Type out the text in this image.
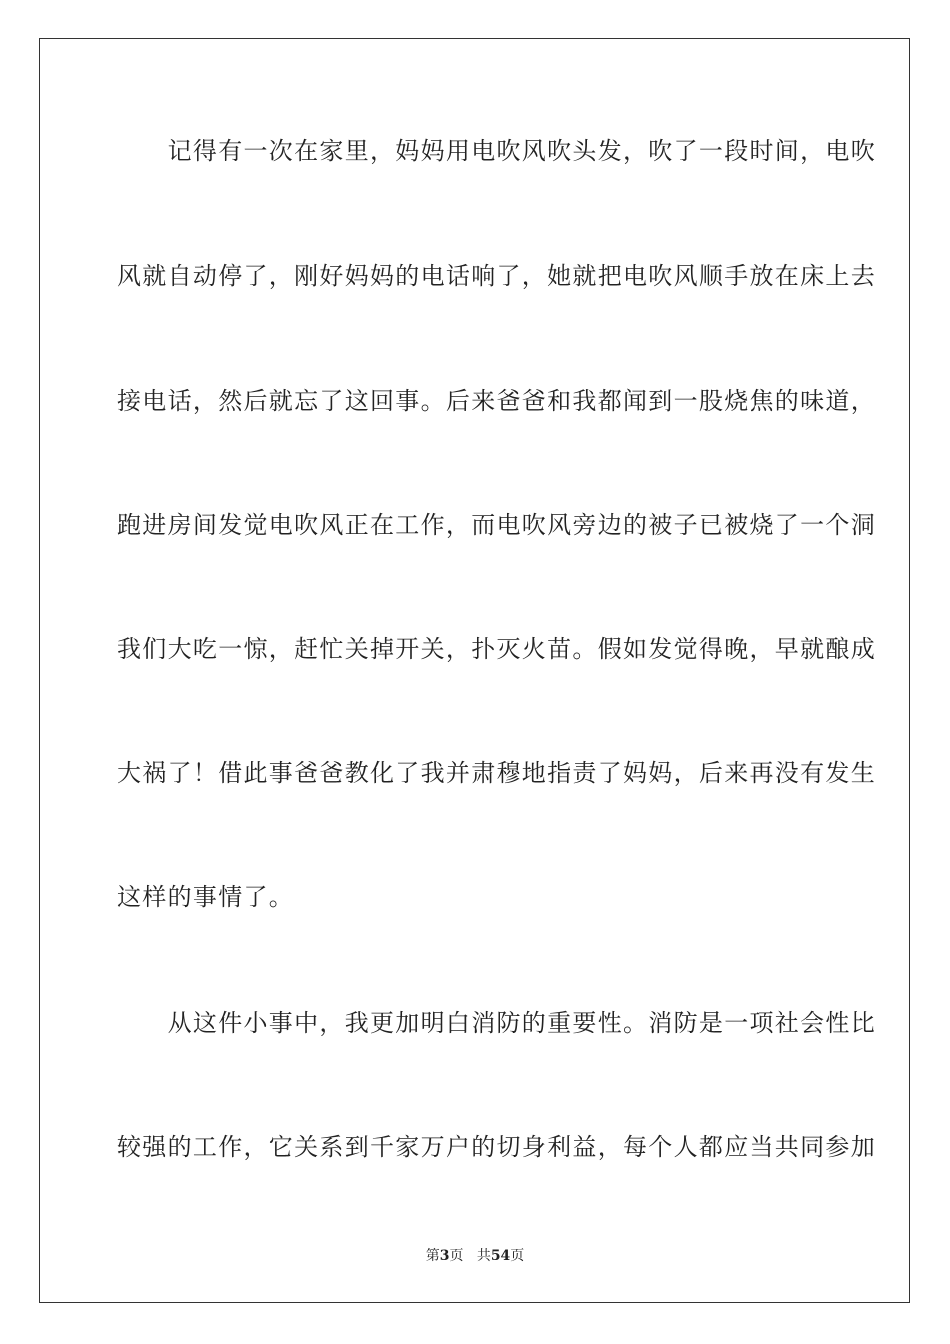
　　记得有一次在家里，妈妈用电吹风吹头发，吹了一段时间，电吹
风就自动停了，刚好妈妈的电话响了，她就把电吹风顺手放在床上去
接电话，然后就忘了这回事。后来爸爸和我都闻到一股烧焦的味道，
跑进房间发觉电吹风正在工作，而电吹风旁边的被子已被烧了一个洞
我们大吃一惊，赶忙关掉开关，扑灭火苗。假如发觉得晚，早就酿成
大祸了！借此事爸爸教化了我并肃穆地指责了妈妈，后来再没有发生
这样的事情了。
　　从这件小事中，我更加明白消防的重要性。消防是一项社会性比
较强的工作，它关系到千家万户的切身利益，每个人都应当共同参加
第3页 共54页
